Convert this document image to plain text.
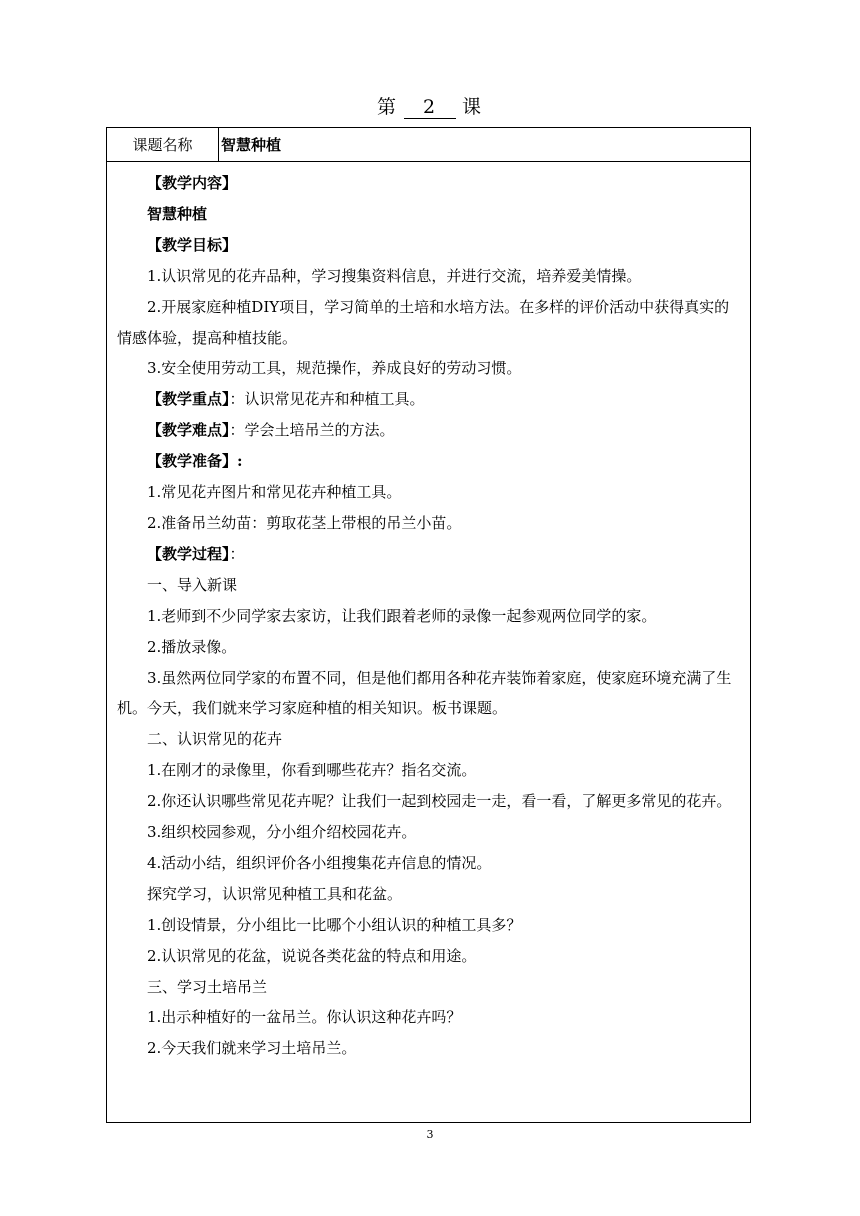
第 2 课
课题名称	智慧种植

【教学内容】

智慧种植

【教学目标】

1.认识常见的花卉品种，学习搜集资料信息，并进行交流，培养爱美情操。

2.开展家庭种植DIY项目，学习简单的土培和水培方法。在多样的评价活动中获得真实的情感体验，提高种植技能。

3.安全使用劳动工具，规范操作，养成良好的劳动习惯。

【教学重点】：认识常见花卉和种植工具。

【教学难点】：学会土培吊兰的方法。

【教学准备】:

1.常见花卉图片和常见花卉种植工具。

2.准备吊兰幼苗：剪取花茎上带根的吊兰小苗。

【教学过程】：

一、导入新课

1.老师到不少同学家去家访，让我们跟着老师的录像一起参观两位同学的家。

2.播放录像。

3.虽然两位同学家的布置不同，但是他们都用各种花卉装饰着家庭，使家庭环境充满了生机。今天，我们就来学习家庭种植的相关知识。板书课题。

二、认识常见的花卉

1.在刚才的录像里，你看到哪些花卉？指名交流。

2.你还认识哪些常见花卉呢？让我们一起到校园走一走，看一看，了解更多常见的花卉。

3.组织校园参观，分小组介绍校园花卉。

4.活动小结，组织评价各小组搜集花卉信息的情况。

探究学习，认识常见种植工具和花盆。

1.创设情景，分小组比一比哪个小组认识的种植工具多？

2.认识常见的花盆，说说各类花盆的特点和用途。

三、学习土培吊兰

1.出示种植好的一盆吊兰。你认识这种花卉吗？

2.今天我们就来学习土培吊兰。

3
